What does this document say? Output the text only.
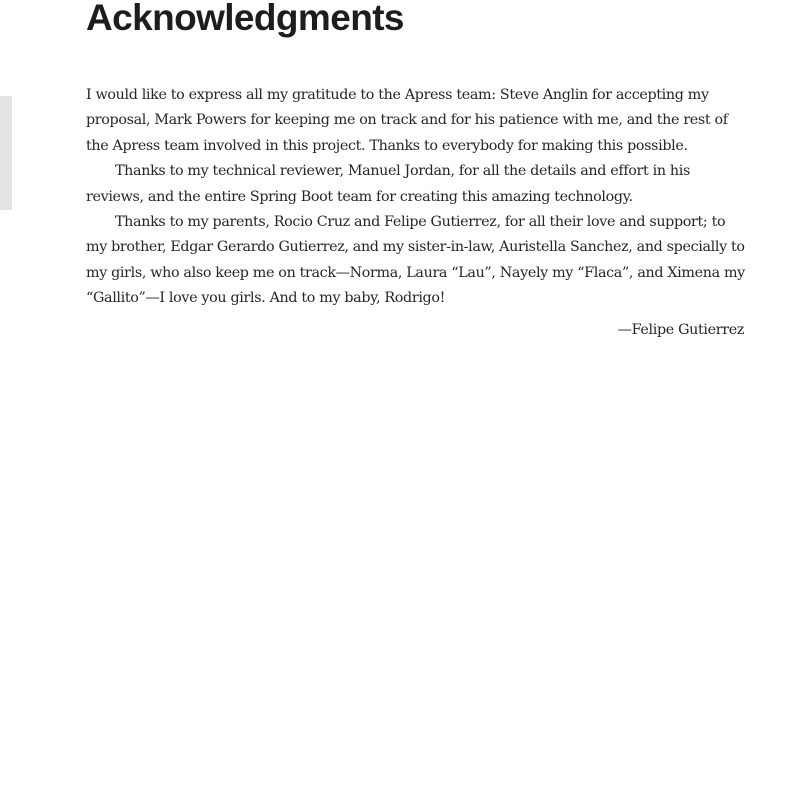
Acknowledgments

I would like to express all my gratitude to the Apress team: Steve Anglin for accepting my proposal, Mark Powers for keeping me on track and for his patience with me, and the rest of the Apress team involved in this project. Thanks to everybody for making this possible.

Thanks to my technical reviewer, Manuel Jordan, for all the details and effort in his reviews, and the entire Spring Boot team for creating this amazing technology.

Thanks to my parents, Rocio Cruz and Felipe Gutierrez, for all their love and support; to my brother, Edgar Gerardo Gutierrez, and my sister-in-law, Auristella Sanchez, and specially to my girls, who also keep me on track—Norma, Laura “Lau”, Nayely my “Flaca”, and Ximena my “Gallito”—I love you girls. And to my baby, Rodrigo!

—Felipe Gutierrez
